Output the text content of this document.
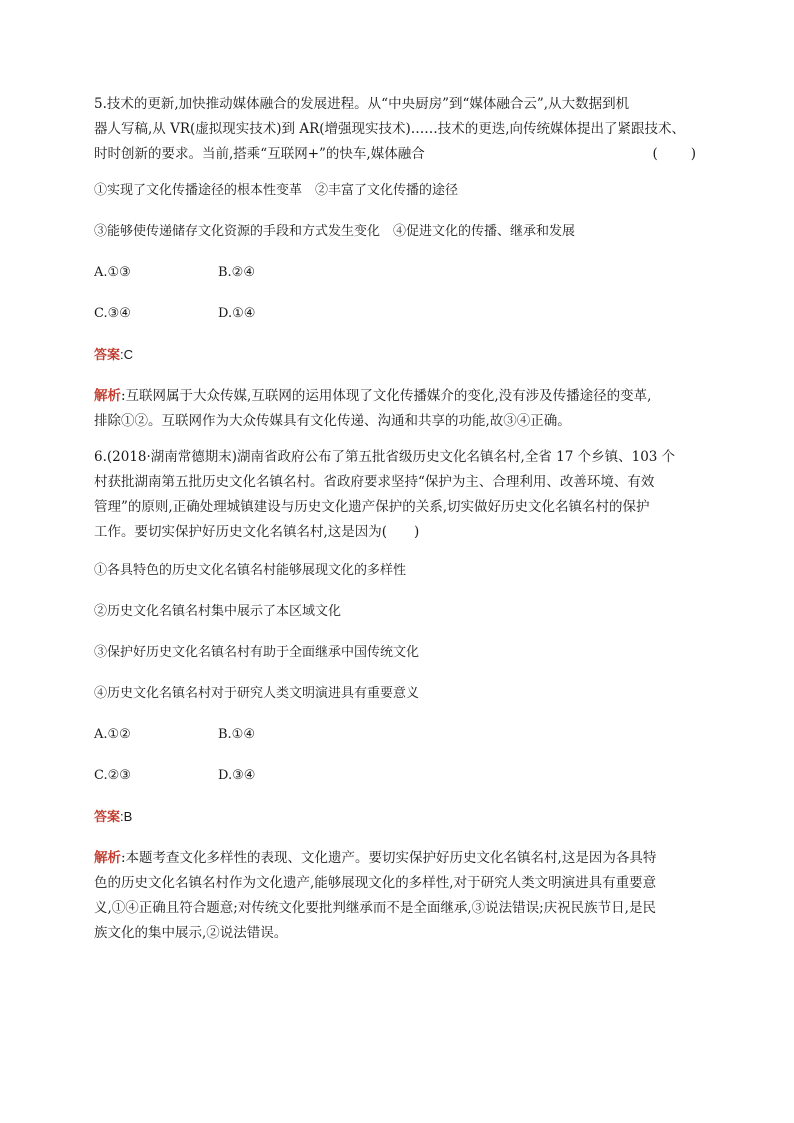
5.技术的更新,加快推动媒体融合的发展进程。从“中央厨房”到“媒体融合云”,从大数据到机
器人写稿,从 VR(虚拟现实技术)到 AR(增强现实技术)……技术的更迭,向传统媒体提出了紧跟技术、
时时创新的要求。当前,搭乘“互联网+”的快车,媒体融合	(　　)

①实现了文化传播途径的根本性变革　②丰富了文化传播的途径

③能够使传递储存文化资源的手段和方式发生变化　④促进文化的传播、继承和发展

A.①③	B.②④
C.③④	D.①④

答案:C

解析:互联网属于大众传媒,互联网的运用体现了文化传播媒介的变化,没有涉及传播途径的变革,
排除①②。互联网作为大众传媒具有文化传递、沟通和共享的功能,故③④正确。

6.(2018·湖南常德期末)湖南省政府公布了第五批省级历史文化名镇名村,全省 17 个乡镇、103 个
村获批湖南第五批历史文化名镇名村。省政府要求坚持“保护为主、合理利用、改善环境、有效
管理”的原则,正确处理城镇建设与历史文化遗产保护的关系,切实做好历史文化名镇名村的保护
工作。要切实保护好历史文化名镇名村,这是因为(　　)

①各具特色的历史文化名镇名村能够展现文化的多样性

②历史文化名镇名村集中展示了本区域文化

③保护好历史文化名镇名村有助于全面继承中国传统文化

④历史文化名镇名村对于研究人类文明演进具有重要意义

A.①②	B.①④
C.②③	D.③④

答案:B

解析:本题考查文化多样性的表现、文化遗产。要切实保护好历史文化名镇名村,这是因为各具特
色的历史文化名镇名村作为文化遗产,能够展现文化的多样性,对于研究人类文明演进具有重要意
义,①④正确且符合题意;对传统文化要批判继承而不是全面继承,③说法错误;庆祝民族节日,是民
族文化的集中展示,②说法错误。
